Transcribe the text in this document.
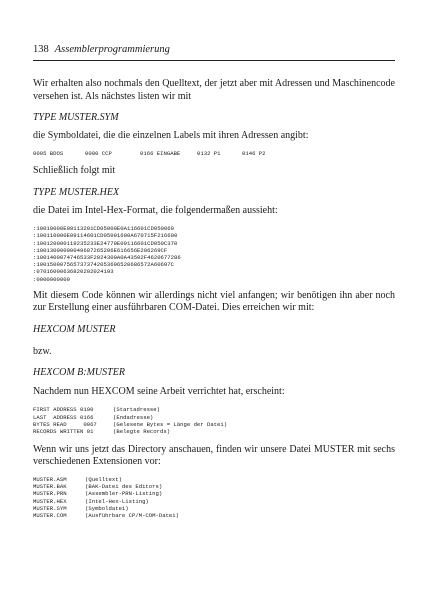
138 Assemblerprogrammierung

Wir erhalten also nochmals den Quelltext, der jetzt aber mit Adressen und Maschinencode versehen ist. Als nächstes listen wir mit

TYPE MUSTER.SYM

die Symboldatei, die die einzelnen Labels mit ihren Adressen angibt:

0005 BDOS	0000 CCP	0166 EINGABE	0132 P1	0146 P2

Schließlich folgt mit

TYPE MUSTER.HEX

die Datei im Intel-Hex-Format, die folgendermaßen aussieht:

:10010000E09113201CD05000E0A116601CD050060
:100110000E09114601CD05001600A670715F216600
:100120000119235233E24770E09116601CD050C370
:10013000000049687265206E616656E206269CF
:1001400074746533F2024300A0A43502F4620677286
:1001500075657373742053696520686572A60697C
:07016000636820202024193
:0000000000

Mit diesem Code können wir allerdings nicht viel anfangen; wir benötigen ihn aber noch zur Erstellung einer ausführbaren COM-Datei. Dies erreichen wir mit:

HEXCOM MUSTER

bzw.

HEXCOM B:MUSTER

Nachdem nun HEXCOM seine Arbeit verrichtet hat, erscheint:

FIRST ADDRESS 0100	(Startadresse)
LAST  ADDRESS 0166	(Endadresse)
BYTES READ     0067	(Gelesene Bytes = Länge der Datei)
RECORDS WRITTEN 01	(Belegte Records)

Wenn wir uns jetzt das Directory anschauen, finden wir unsere Datei MUSTER mit sechs verschiedenen Extensionen vor:

MUSTER.ASM	(Quelltext)
MUSTER.BAK	(BAK-Datei des Editors)
MUSTER.PRN	(Assembler-PRN-Listing)
MUSTER.HEX	(Intel-Hex-Listing)
MUSTER.SYM	(Symboldatei)
MUSTER.COM	(Ausführbare CP/M-COM-Datei)
